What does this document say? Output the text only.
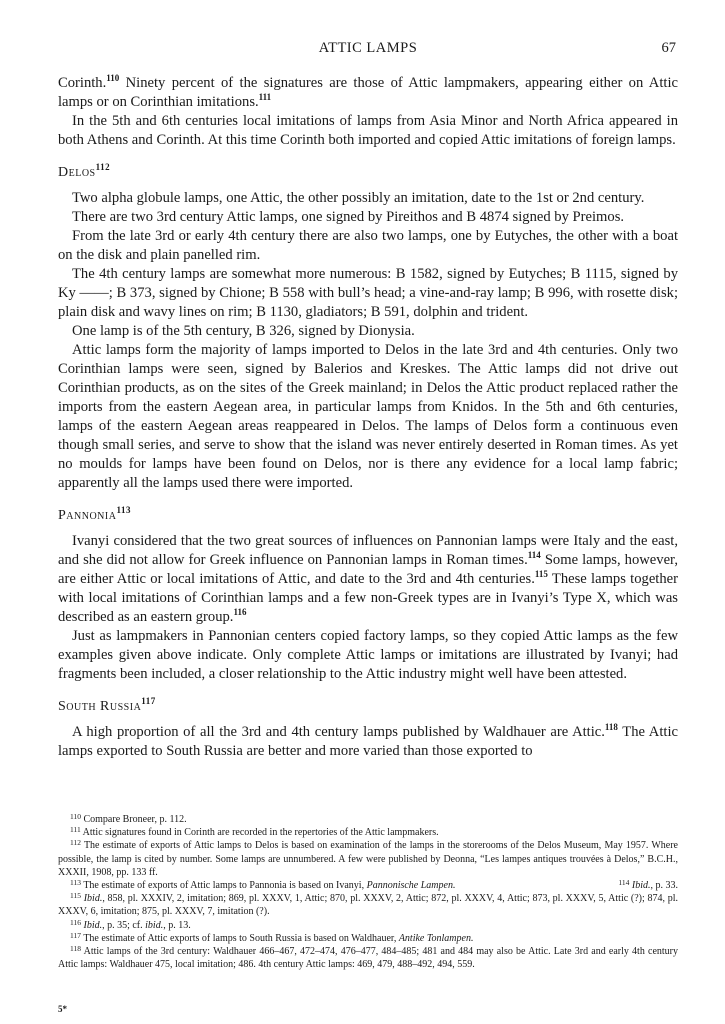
ATTIC LAMPS	67

Corinth.$^{110}$ Ninety percent of the signatures are those of Attic lampmakers, appearing either on Attic lamps or on Corinthian imitations.$^{111}$

In the 5th and 6th centuries local imitations of lamps from Asia Minor and North Africa appeared in both Athens and Corinth. At this time Corinth both imported and copied Attic imitations of foreign lamps.

Delos$^{112}$

Two alpha globule lamps, one Attic, the other possibly an imitation, date to the 1st or 2nd century.

There are two 3rd century Attic lamps, one signed by Pireithos and B 4874 signed by Preimos.

From the late 3rd or early 4th century there are also two lamps, one by Eutyches, the other with a boat on the disk and plain panelled rim.

The 4th century lamps are somewhat more numerous: B 1582, signed by Eutyches; B 1115, signed by Ky ——; B 373, signed by Chione; B 558 with bull’s head; a vine-and-ray lamp; B 996, with rosette disk; plain disk and wavy lines on rim; B 1130, gladiators; B 591, dolphin and trident.

One lamp is of the 5th century, B 326, signed by Dionysia.

Attic lamps form the majority of lamps imported to Delos in the late 3rd and 4th centuries. Only two Corinthian lamps were seen, signed by Balerios and Kreskes. The Attic lamps did not drive out Corinthian products, as on the sites of the Greek mainland; in Delos the Attic product replaced rather the imports from the eastern Aegean area, in particular lamps from Knidos. In the 5th and 6th centuries, lamps of the eastern Aegean areas reappeared in Delos. The lamps of Delos form a continuous even though small series, and serve to show that the island was never entirely deserted in Roman times. As yet no moulds for lamps have been found on Delos, nor is there any evidence for a local lamp fabric; apparently all the lamps used there were imported.

Pannonia$^{113}$

Ivanyi considered that the two great sources of influences on Pannonian lamps were Italy and the east, and she did not allow for Greek influence on Pannonian lamps in Roman times.$^{114}$ Some lamps, however, are either Attic or local imitations of Attic, and date to the 3rd and 4th centuries.$^{115}$ These lamps together with local imitations of Corinthian lamps and a few non-Greek types are in Ivanyi’s Type X, which was described as an eastern group.$^{116}$

Just as lampmakers in Pannonian centers copied factory lamps, so they copied Attic lamps as the few examples given above indicate. Only complete Attic lamps or imitations are illustrated by Ivanyi; had fragments been included, a closer relationship to the Attic industry might well have been attested.

South Russia$^{117}$

A high proportion of all the 3rd and 4th century lamps published by Waldhauer are Attic.$^{118}$ The Attic lamps exported to South Russia are better and more varied than those exported to

$^{110}$ Compare Broneer, p. 112.

$^{111}$ Attic signatures found in Corinth are recorded in the repertories of the Attic lampmakers.

$^{112}$ The estimate of exports of Attic lamps to Delos is based on examination of the lamps in the storerooms of the Delos Museum, May 1957. Where possible, the lamp is cited by number. Some lamps are unnumbered. A few were published by Deonna, “Les lampes antiques trouvées à Delos,” B.C.H., XXXII, 1908, pp. 133 ff.

$^{113}$ The estimate of exports of Attic lamps to Pannonia is based on Ivanyi, Pannonische Lampen.	$^{114}$ Ibid., p. 33.

$^{115}$ Ibid., 858, pl. XXXIV, 2, imitation; 869, pl. XXXV, 1, Attic; 870, pl. XXXV, 2, Attic; 872, pl. XXXV, 4, Attic; 873, pl. XXXV, 5, Attic (?); 874, pl. XXXV, 6, imitation; 875, pl. XXXV, 7, imitation (?).

$^{116}$ Ibid., p. 35; cf. ibid., p. 13.

$^{117}$ The estimate of Attic exports of lamps to South Russia is based on Waldhauer, Antike Tonlampen.

$^{118}$ Attic lamps of the 3rd century: Waldhauer 466–467, 472–474, 476–477, 484–485; 481 and 484 may also be Attic. Late 3rd and early 4th century Attic lamps: Waldhauer 475, local imitation; 486. 4th century Attic lamps: 469, 479, 488–492, 494, 559.

5*
